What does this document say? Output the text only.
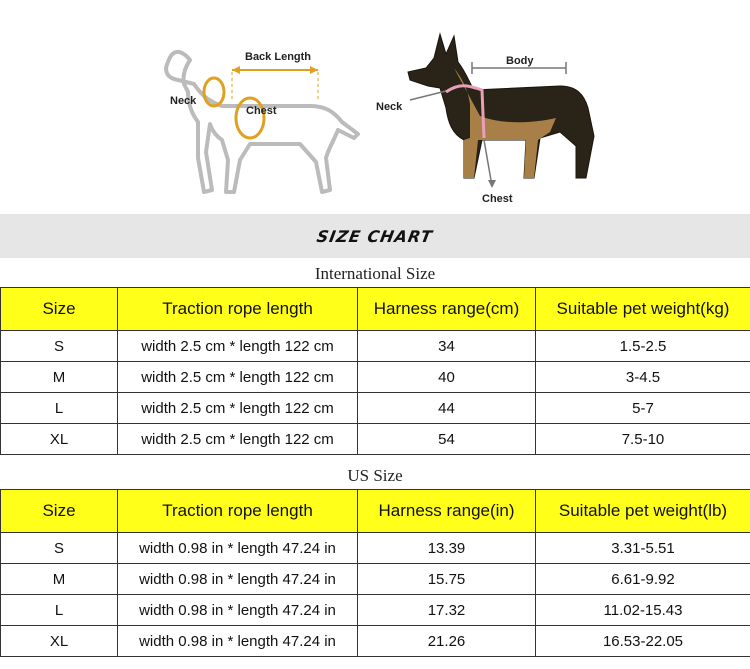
Back Length
Neck
Chest
Body
Neck
Chest
SIZE CHART
International Size
Size	Traction rope length	Harness range(cm)	Suitable pet weight(kg)
S	width 2.5 cm * length 122 cm	34	1.5-2.5
M	width 2.5 cm * length 122 cm	40	3-4.5
L	width 2.5 cm * length 122 cm	44	5-7
XL	width 2.5 cm * length 122 cm	54	7.5-10
US Size
Size	Traction rope length	Harness range(in)	Suitable pet weight(lb)
S	width 0.98 in * length 47.24 in	13.39	3.31-5.51
M	width 0.98 in * length 47.24 in	15.75	6.61-9.92
L	width 0.98 in * length 47.24 in	17.32	11.02-15.43
XL	width 0.98 in * length 47.24 in	21.26	16.53-22.05
